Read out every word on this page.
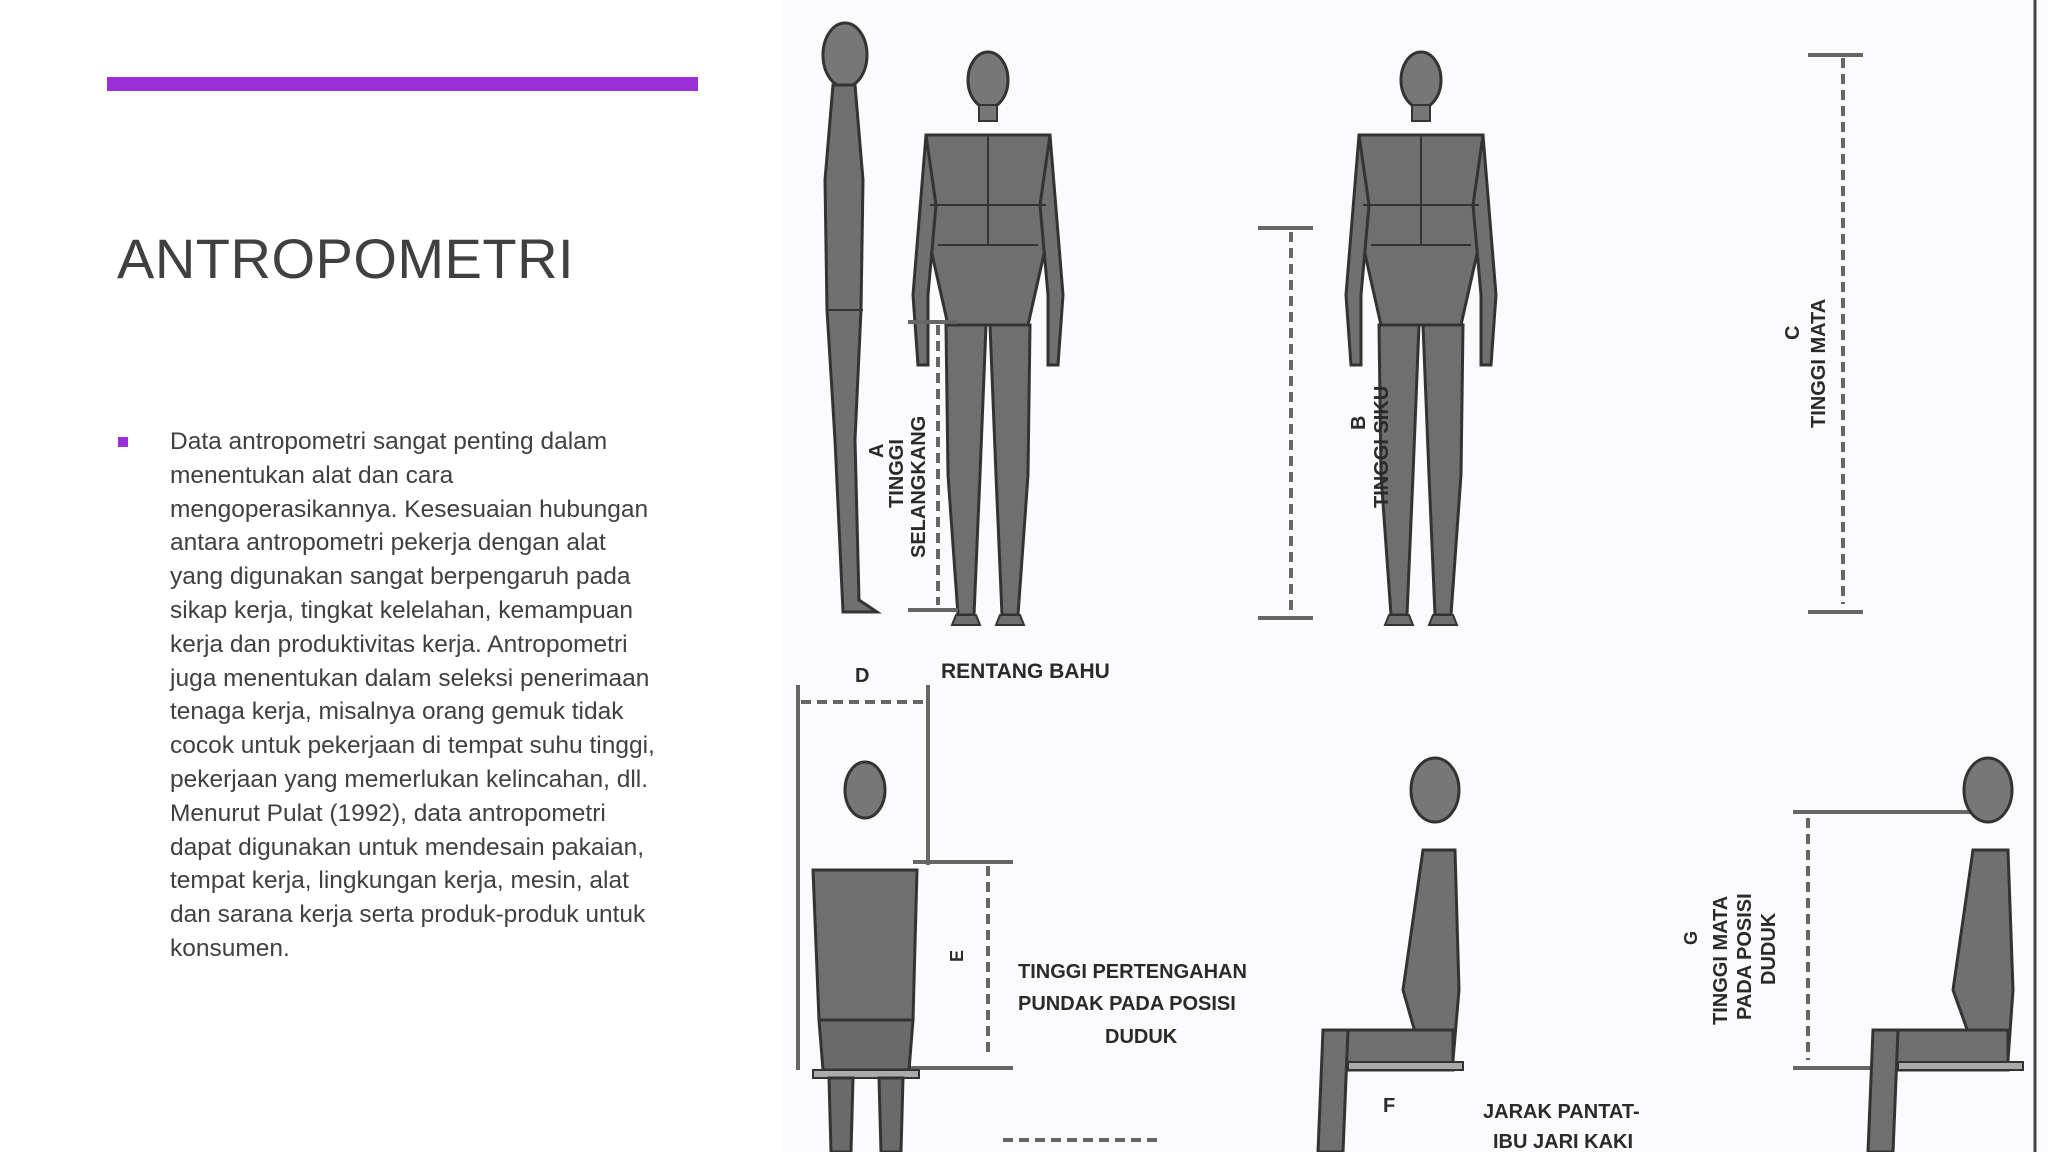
ANTROPOMETRI

Data antropometri sangat penting dalam
menentukan alat dan cara
mengoperasikannya. Kesesuaian hubungan
antara antropometri pekerja dengan alat
yang digunakan sangat berpengaruh pada
sikap kerja, tingkat kelelahan, kemampuan
kerja dan produktivitas kerja. Antropometri
juga menentukan dalam seleksi penerimaan
tenaga kerja, misalnya orang gemuk tidak
cocok untuk pekerjaan di tempat suhu tinggi,
pekerjaan yang memerlukan kelincahan, dll.
Menurut Pulat (1992), data antropometri
dapat digunakan untuk mendesain pakaian,
tempat kerja, lingkungan kerja, mesin, alat
dan sarana kerja serta produk-produk untuk
konsumen.

A
TINGGI SELANGKANG	B TINGGI SIKU
C TINGGI MATA
D	RENTANG BAHU
E
TINGGI PERTENGAHAN
PUNDAK PADA POSISI
DUDUK
F	JARAK PANTAT-
IBU JARI KAKI
G TINGGI MATA PADA POSISI DUDUK
